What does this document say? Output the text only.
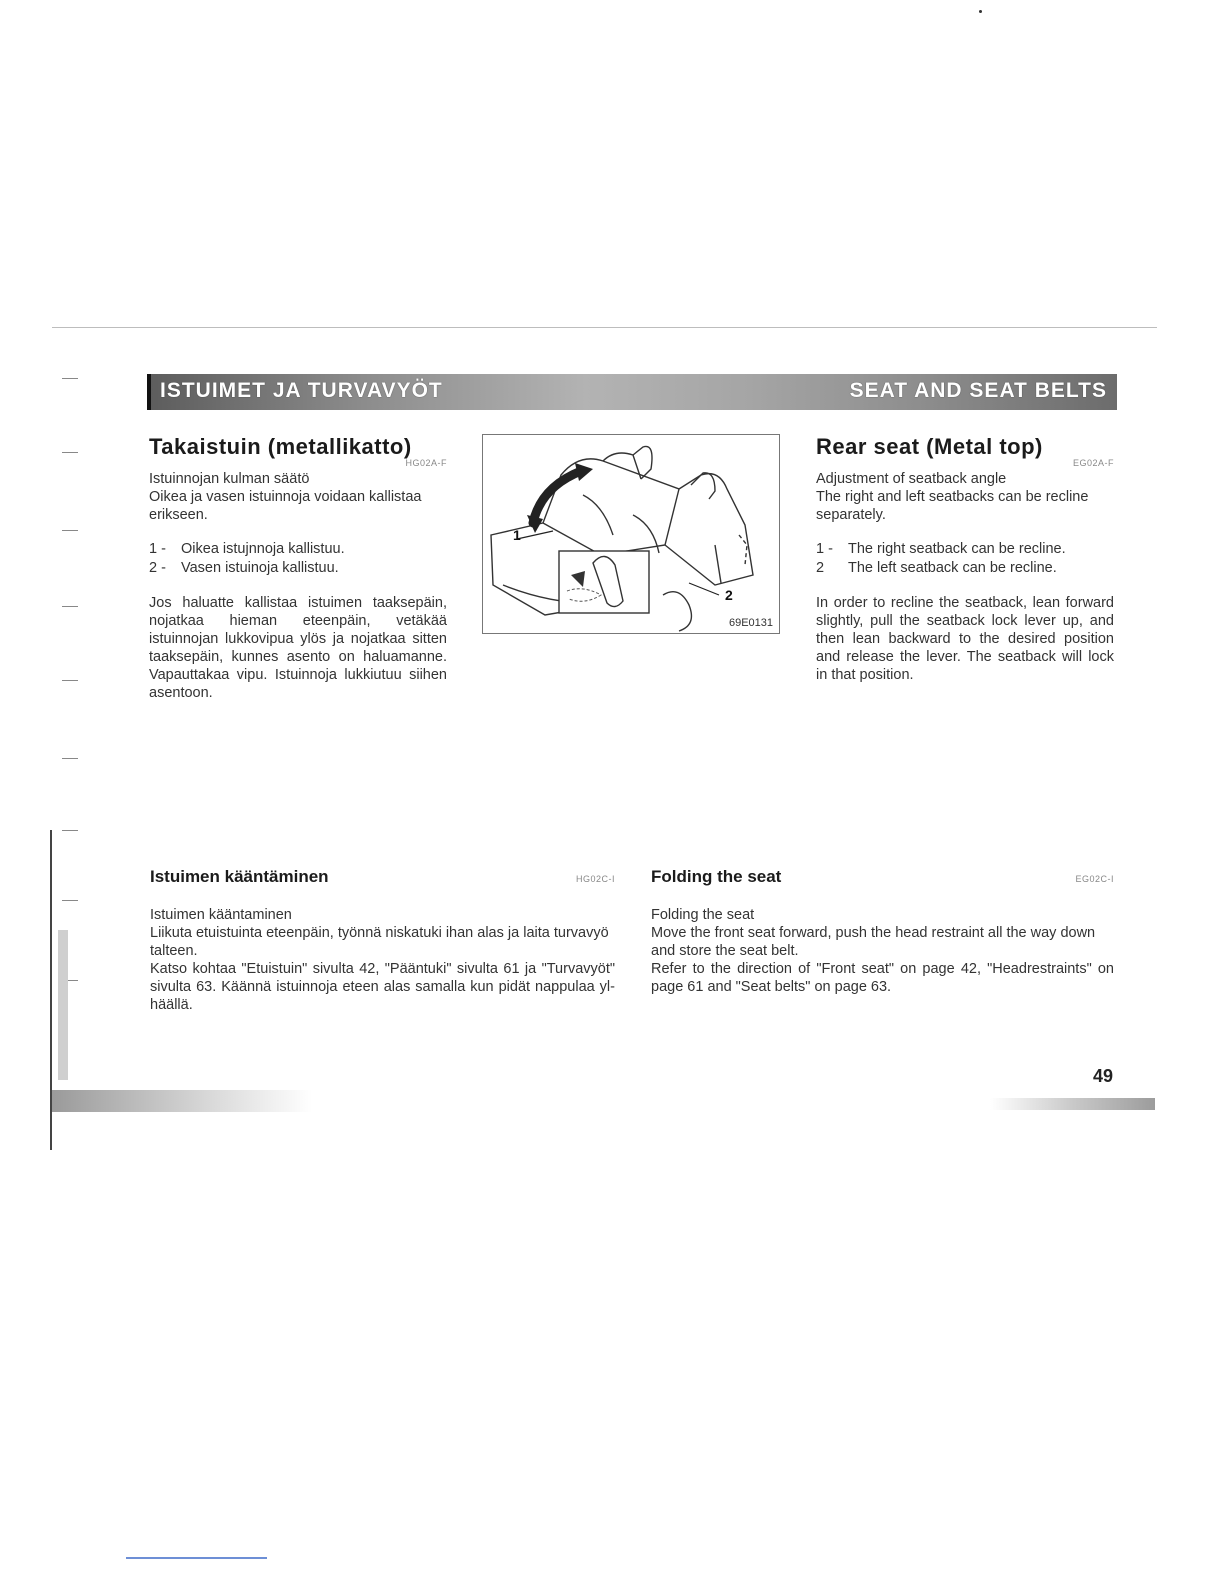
ISTUIMET JA TURVAVYÖT	SEAT AND SEAT BELTS
Takaistuin (metallikatto)
HG02A-F

Istuinnojan kulman säätö

Oikea ja vasen istuinnoja voidaan kallistaa erikseen.

1 -	Oikea istujnnoja kallistuu.
2 -	Vasen istuinoja kallistuu.
Jos haluatte kallistaa istuimen taaksepäin, nojatkaa hieman eteenpäin, vetäkää istuinnojan lukkovipua ylös ja nojatkaa sitten taaksepäin, kunnes asento on haluamanne. Vapauttakaa vipu. Istuinnoja lukkiutuu siihen asentoon.
1
2
69E0131
Rear seat (Metal top)
EG02A-F

Adjustment of seatback angle

The right and left seatbacks can be recline separately.

1 -	The right seatback can be recline.
2	The left seatback can be recline.
In order to recline the seatback, lean forward slightly, pull the seatback lock lever up, and then lean backward to the desired position and release the lever. The seatback will lock in that position.
Istuimen kääntäminen	HG02C-I

Istuimen kääntaminen

Liikuta etuistuinta eteenpäin, työnnä niskatuki ihan alas ja laita turvavyö talteen.

Katso kohtaa "Etuistuin" sivulta 42, "Pääntuki" sivulta 61 ja "Turvavyöt" sivulta 63. Käännä istuinnoja eteen alas samalla kun pidät nappulaa yl-häällä.

Folding the seat	EG02C-I

Folding the seat

Move the front seat forward, push the head restraint all the way down and store the seat belt.

Refer to the direction of "Front seat" on page 42, "Headrestraints" on page 61 and "Seat belts" on page 63.

49
